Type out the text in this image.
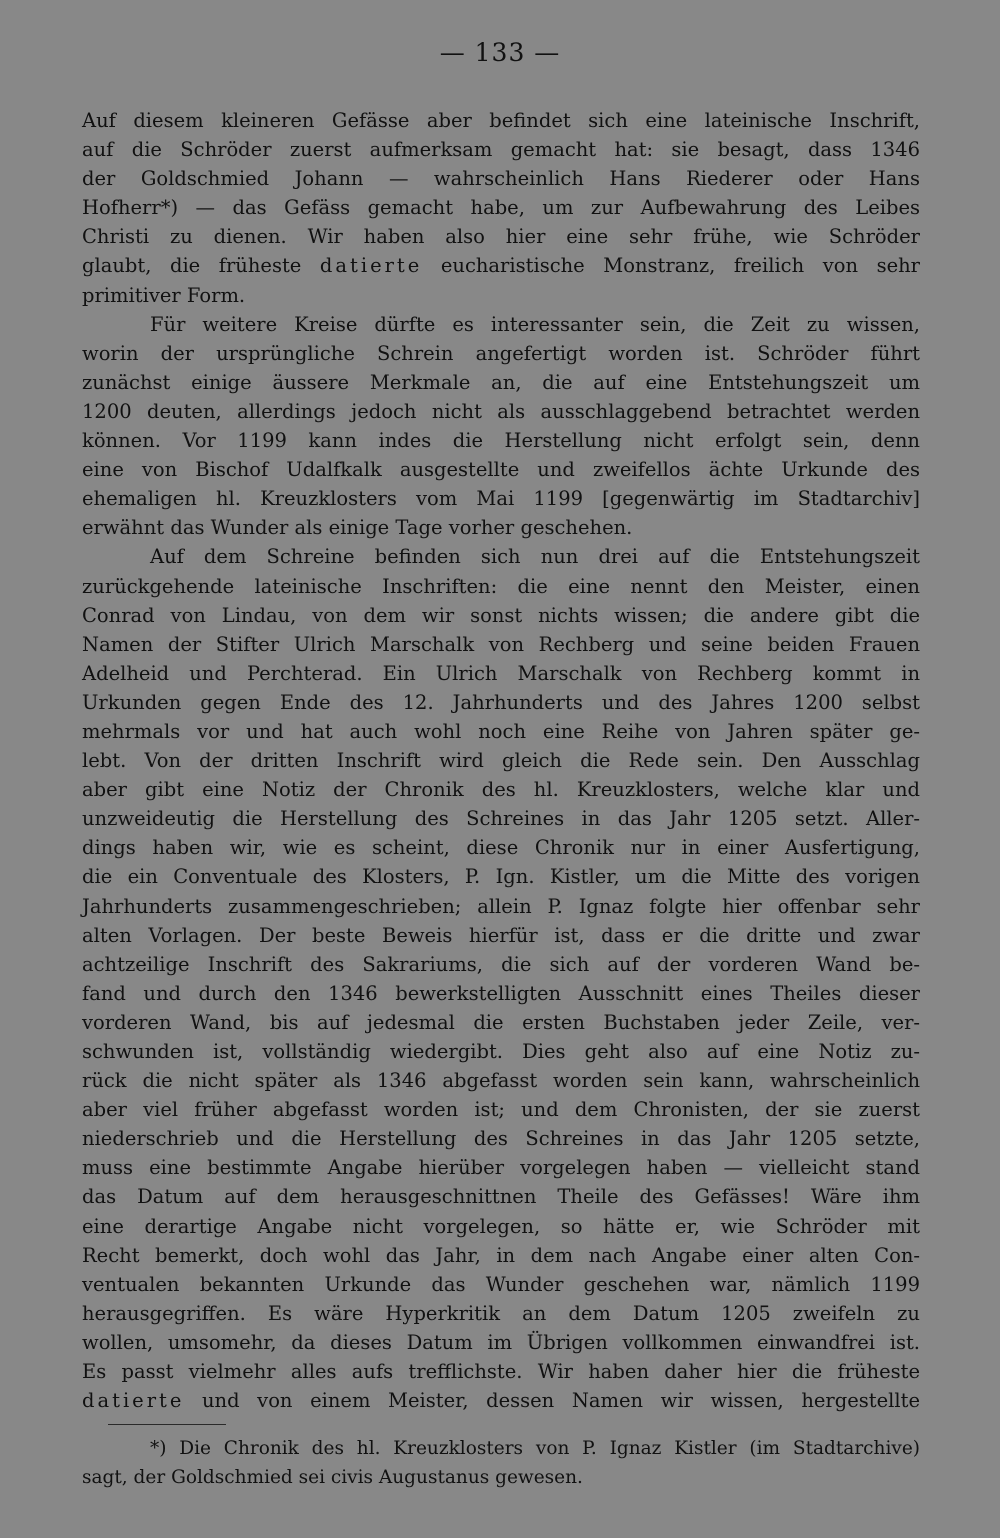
— 133 —
Auf diesem kleineren Gefässe aber befindet sich eine lateinische Inschrift,
auf die Schröder zuerst aufmerksam gemacht hat: sie besagt, dass 1346
der Goldschmied Johann — wahrscheinlich Hans Riederer oder Hans
Hofherr*) — das Gefäss gemacht habe, um zur Aufbewahrung des Leibes
Christi zu dienen. Wir haben also hier eine sehr frühe, wie Schröder
glaubt, die früheste datierte eucharistische Monstranz, freilich von sehr
primitiver Form.
Für weitere Kreise dürfte es interessanter sein, die Zeit zu wissen,
worin der ursprüngliche Schrein angefertigt worden ist. Schröder führt
zunächst einige äussere Merkmale an, die auf eine Entstehungszeit um
1200 deuten, allerdings jedoch nicht als ausschlaggebend betrachtet werden
können. Vor 1199 kann indes die Herstellung nicht erfolgt sein, denn
eine von Bischof Udalfkalk ausgestellte und zweifellos ächte Urkunde des
ehemaligen hl. Kreuzklosters vom Mai 1199 [gegenwärtig im Stadtarchiv]
erwähnt das Wunder als einige Tage vorher geschehen.
Auf dem Schreine befinden sich nun drei auf die Entstehungszeit
zurückgehende lateinische Inschriften: die eine nennt den Meister, einen
Conrad von Lindau, von dem wir sonst nichts wissen; die andere gibt die
Namen der Stifter Ulrich Marschalk von Rechberg und seine beiden Frauen
Adelheid und Perchterad. Ein Ulrich Marschalk von Rechberg kommt in
Urkunden gegen Ende des 12. Jahrhunderts und des Jahres 1200 selbst
mehrmals vor und hat auch wohl noch eine Reihe von Jahren später ge-
lebt. Von der dritten Inschrift wird gleich die Rede sein. Den Ausschlag
aber gibt eine Notiz der Chronik des hl. Kreuzklosters, welche klar und
unzweideutig die Herstellung des Schreines in das Jahr 1205 setzt. Aller-
dings haben wir, wie es scheint, diese Chronik nur in einer Ausfertigung,
die ein Conventuale des Klosters, P. Ign. Kistler, um die Mitte des vorigen
Jahrhunderts zusammengeschrieben; allein P. Ignaz folgte hier offenbar sehr
alten Vorlagen. Der beste Beweis hierfür ist, dass er die dritte und zwar
achtzeilige Inschrift des Sakrariums, die sich auf der vorderen Wand be-
fand und durch den 1346 bewerkstelligten Ausschnitt eines Theiles dieser
vorderen Wand, bis auf jedesmal die ersten Buchstaben jeder Zeile, ver-
schwunden ist, vollständig wiedergibt. Dies geht also auf eine Notiz zu-
rück die nicht später als 1346 abgefasst worden sein kann, wahrscheinlich
aber viel früher abgefasst worden ist; und dem Chronisten, der sie zuerst
niederschrieb und die Herstellung des Schreines in das Jahr 1205 setzte,
muss eine bestimmte Angabe hierüber vorgelegen haben — vielleicht stand
das Datum auf dem herausgeschnittnen Theile des Gefässes! Wäre ihm
eine derartige Angabe nicht vorgelegen, so hätte er, wie Schröder mit
Recht bemerkt, doch wohl das Jahr, in dem nach Angabe einer alten Con-
ventualen bekannten Urkunde das Wunder geschehen war, nämlich 1199
herausgegriffen. Es wäre Hyperkritik an dem Datum 1205 zweifeln zu
wollen, umsomehr, da dieses Datum im Übrigen vollkommen einwandfrei ist.
Es passt vielmehr alles aufs trefflichste. Wir haben daher hier die früheste
datierte und von einem Meister, dessen Namen wir wissen, hergestellte
*) Die Chronik des hl. Kreuzklosters von P. Ignaz Kistler (im Stadtarchive)
sagt, der Goldschmied sei civis Augustanus gewesen.
